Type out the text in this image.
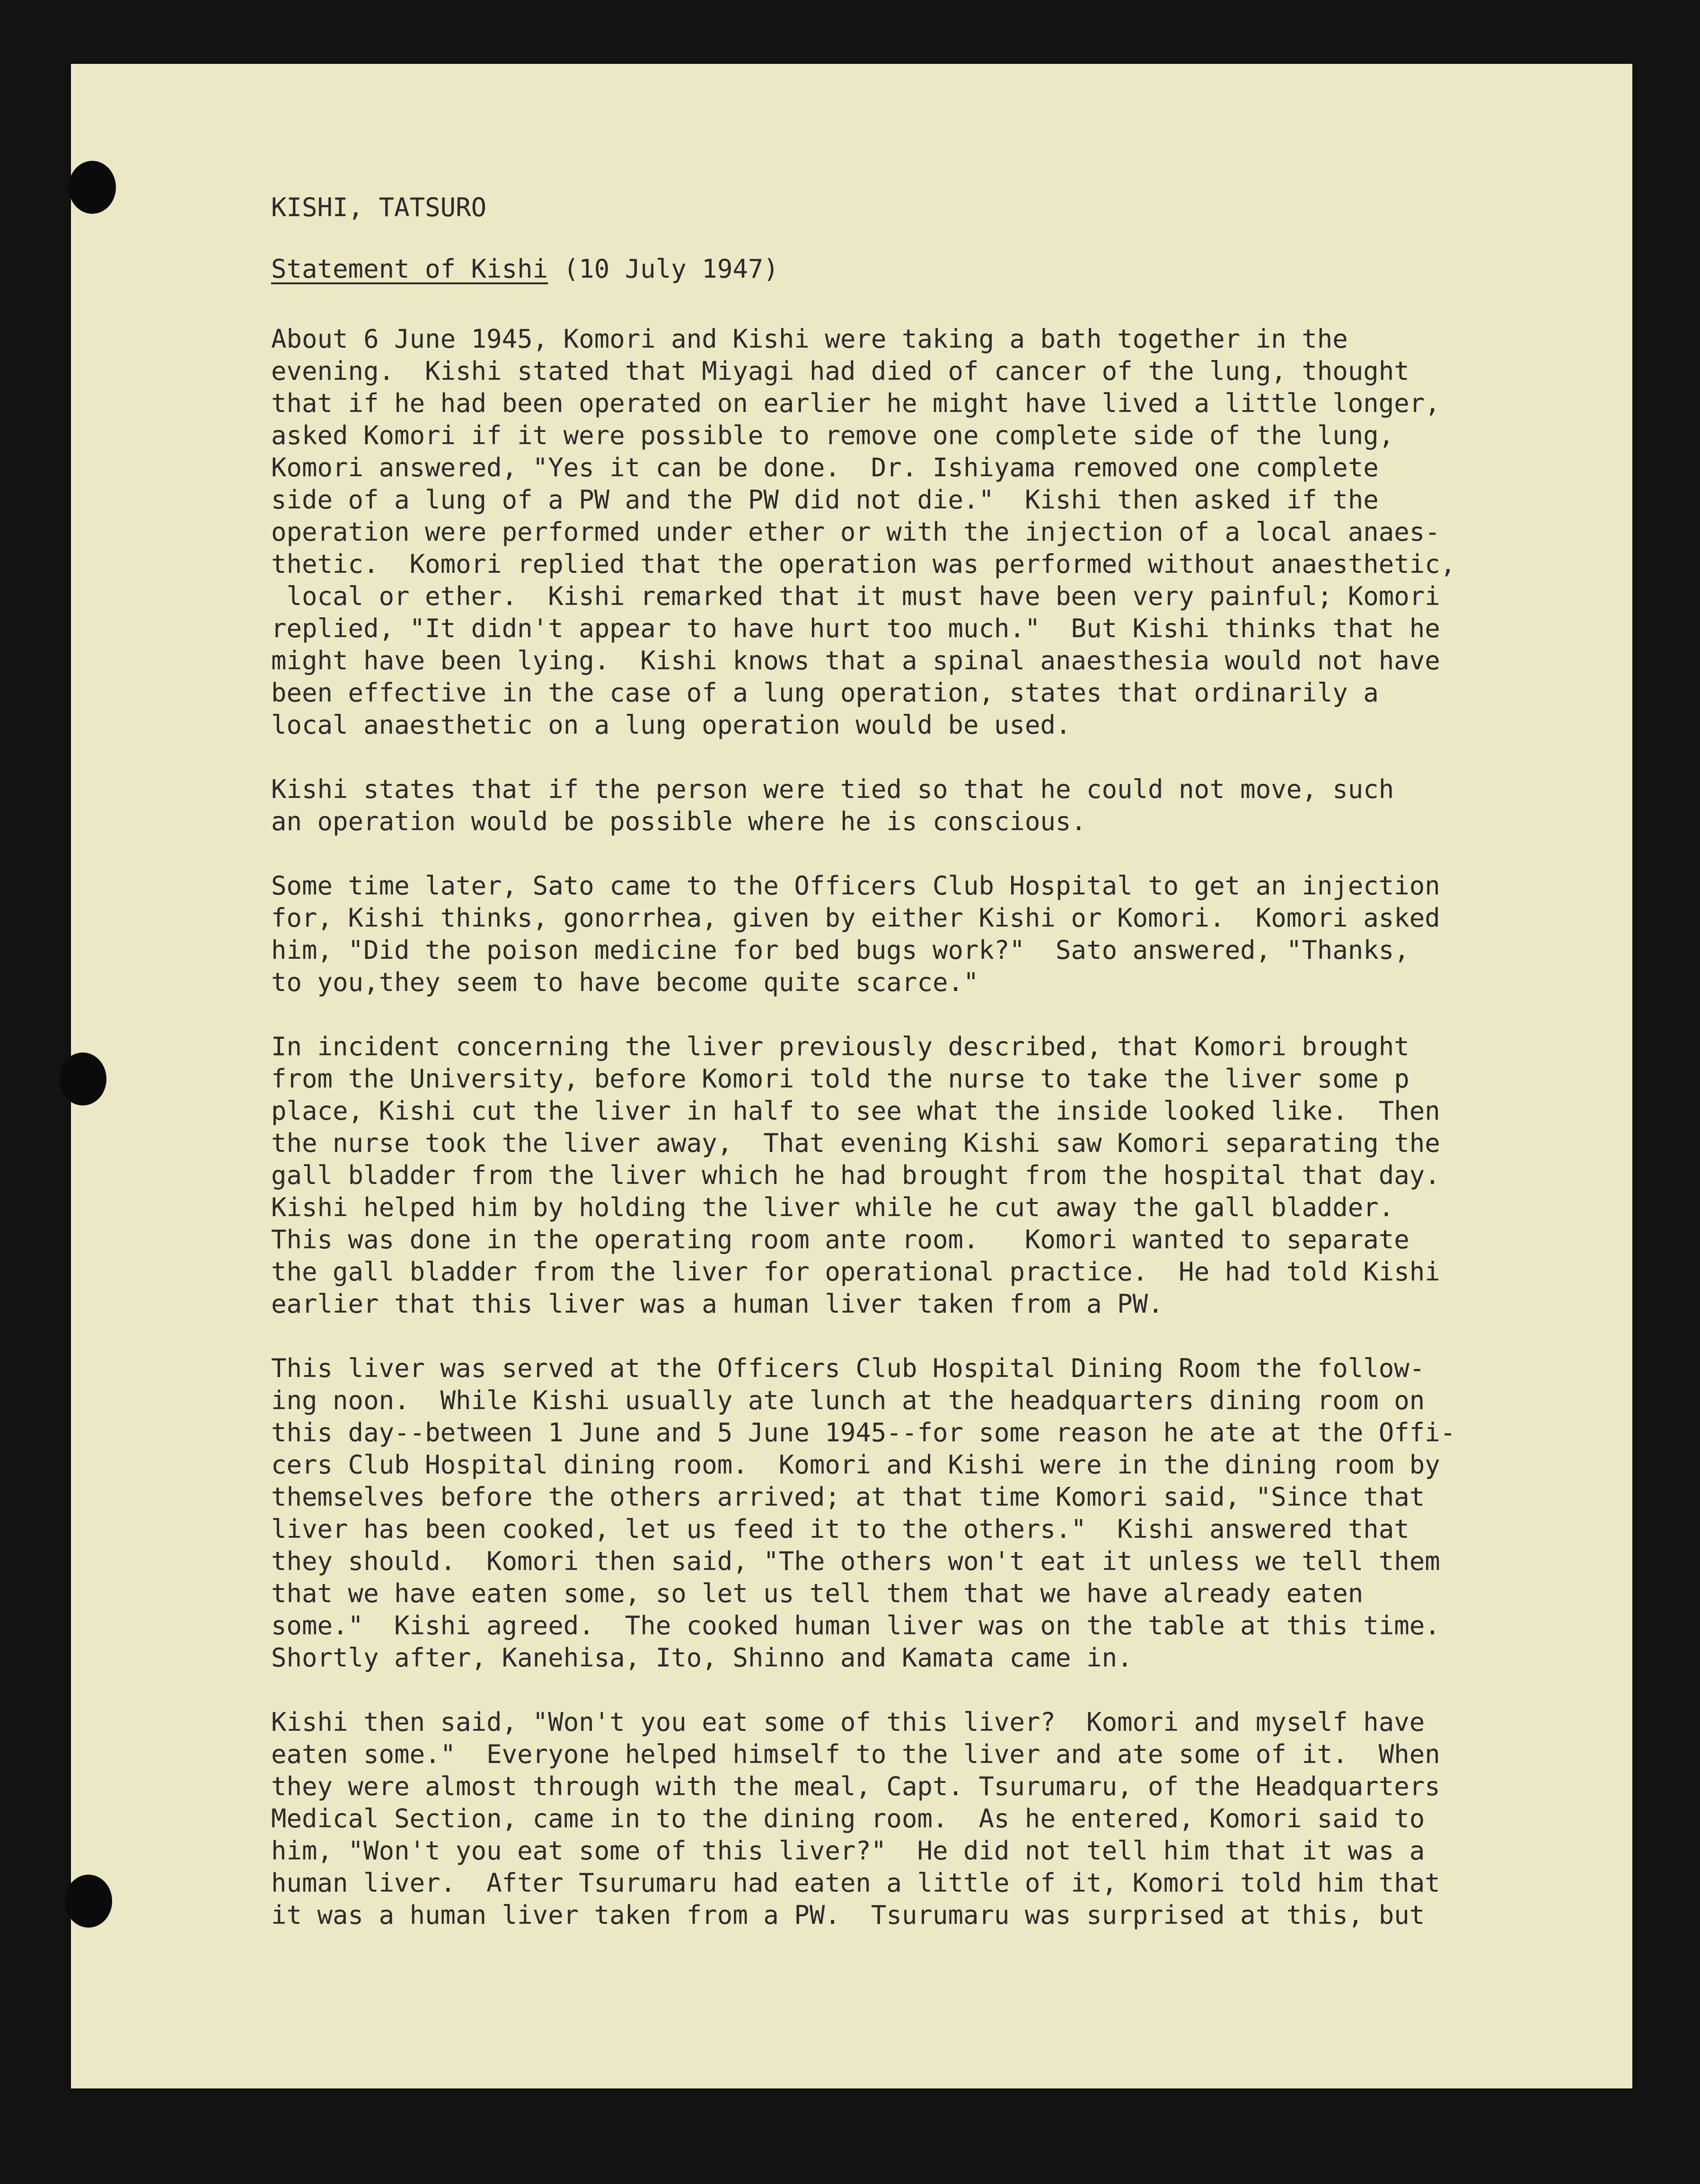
KISHI, TATSURO
Statement of Kishi (10 July 1947)
About 6 June 1945, Komori and Kishi were taking a bath together in the
evening.  Kishi stated that Miyagi had died of cancer of the lung, thought
that if he had been operated on earlier he might have lived a little longer,
asked Komori if it were possible to remove one complete side of the lung,
Komori answered, "Yes it can be done.  Dr. Ishiyama removed one complete
side of a lung of a PW and the PW did not die."  Kishi then asked if the
operation were performed under ether or with the injection of a local anaes-
thetic.  Komori replied that the operation was performed without anaesthetic,
local or ether.  Kishi remarked that it must have been very painful; Komori
replied, "It didn't appear to have hurt too much."  But Kishi thinks that he
might have been lying.  Kishi knows that a spinal anaesthesia would not have
been effective in the case of a lung operation, states that ordinarily a
local anaesthetic on a lung operation would be used.
Kishi states that if the person were tied so that he could not move, such
an operation would be possible where he is conscious.
Some time later, Sato came to the Officers Club Hospital to get an injection
for, Kishi thinks, gonorrhea, given by either Kishi or Komori.  Komori asked
him, "Did the poison medicine for bed bugs work?"  Sato answered, "Thanks,
to you,they seem to have become quite scarce."
In incident concerning the liver previously described, that Komori brought
from the University, before Komori told the nurse to take the liver some p
place, Kishi cut the liver in half to see what the inside looked like.  Then
the nurse took the liver away,  That evening Kishi saw Komori separating the
gall bladder from the liver which he had brought from the hospital that day.
Kishi helped him by holding the liver while he cut away the gall bladder.
This was done in the operating room ante room.   Komori wanted to separate
the gall bladder from the liver for operational practice.  He had told Kishi
earlier that this liver was a human liver taken from a PW.
This liver was served at the Officers Club Hospital Dining Room the follow-
ing noon.  While Kishi usually ate lunch at the headquarters dining room on
this day--between 1 June and 5 June 1945--for some reason he ate at the Offi-
cers Club Hospital dining room.  Komori and Kishi were in the dining room by
themselves before the others arrived; at that time Komori said, "Since that
liver has been cooked, let us feed it to the others."  Kishi answered that
they should.  Komori then said, "The others won't eat it unless we tell them
that we have eaten some, so let us tell them that we have already eaten
some."  Kishi agreed.  The cooked human liver was on the table at this time.
Shortly after, Kanehisa, Ito, Shinno and Kamata came in.
Kishi then said, "Won't you eat some of this liver?  Komori and myself have
eaten some."  Everyone helped himself to the liver and ate some of it.  When
they were almost through with the meal, Capt. Tsurumaru, of the Headquarters
Medical Section, came in to the dining room.  As he entered, Komori said to
him, "Won't you eat some of this liver?"  He did not tell him that it was a
human liver.  After Tsurumaru had eaten a little of it, Komori told him that
it was a human liver taken from a PW.  Tsurumaru was surprised at this, but
